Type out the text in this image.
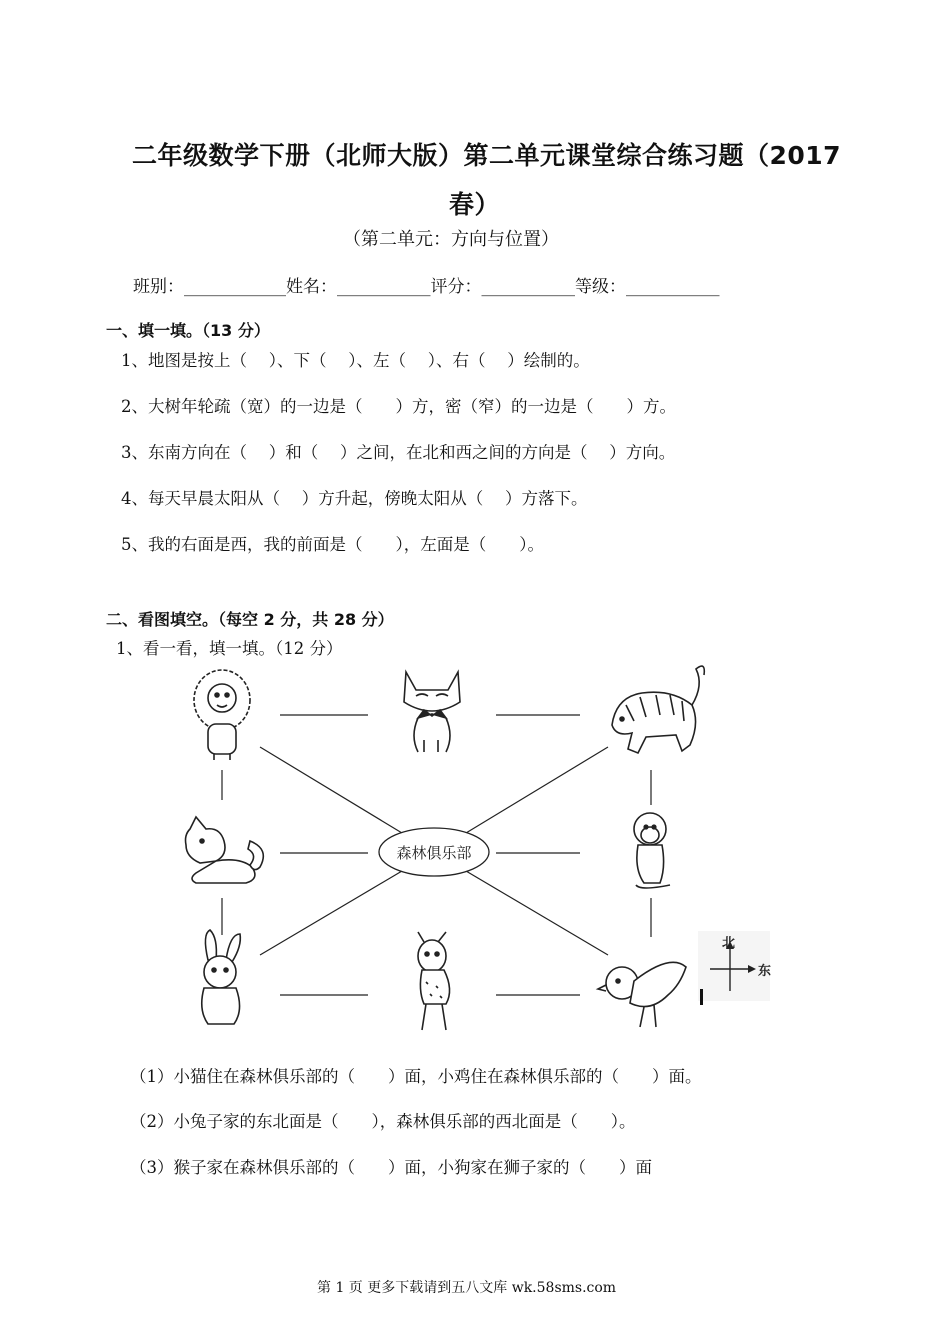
二年级数学下册（北师大版）第二单元课堂综合练习题（2017
春）
（第二单元：方向与位置）
班别：____________姓名：___________评分：___________等级：___________
一、填一填。（13 分）
1、地图是按上（　 ）、下（　 ）、左（　 ）、右（　 ）绘制的。
2、大树年轮疏（宽）的一边是（　　）方，密（窄）的一边是（　　）方。
3、东南方向在（　 ）和（　 ）之间，在北和西之间的方向是（　 ）方向。
4、每天早晨太阳从（　 ）方升起，傍晚太阳从（　 ）方落下。
5、我的右面是西，我的前面是（　　），左面是（　　）。
二、看图填空。（每空 2 分，共 28 分）
1、看一看，填一填。（12 分）
森林俱乐部
北
东
（1）小猫住在森林俱乐部的（　　）面，小鸡住在森林俱乐部的（　　）面。
（2）小兔子家的东北面是（　　），森林俱乐部的西北面是（　　）。
（3）猴子家在森林俱乐部的（　　）面，小狗家在狮子家的（　　）面
第 1 页 更多下载请到五八文库 wk.58sms.com
